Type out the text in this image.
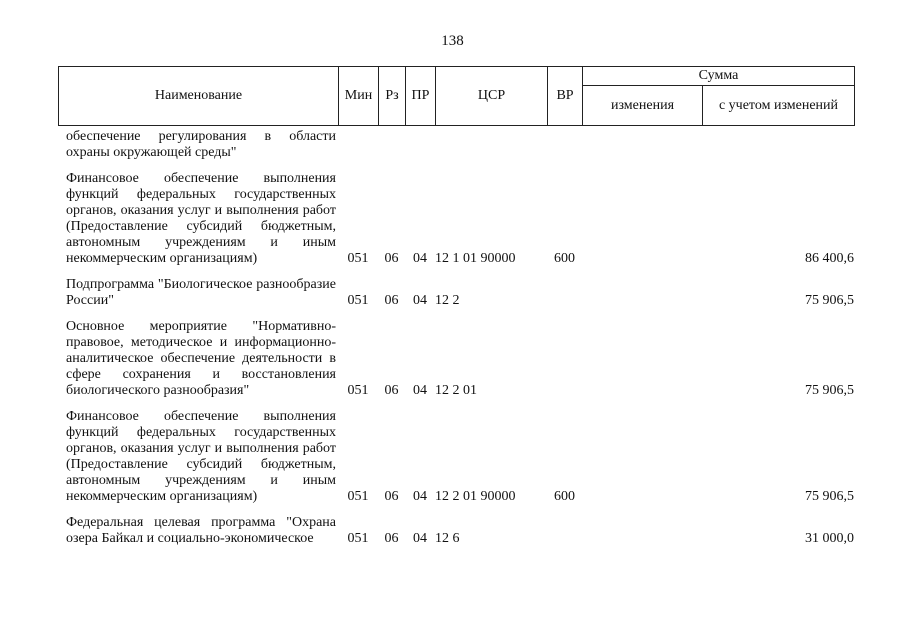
138
Наименование	Мин	Рз	ПР	ЦСР	ВР	Сумма	
						изменения	с учетом изменений
обеспечение регулирования в области охраны окружающей среды"							

Финансовое обеспечение выполнения функций федеральных государственных органов, оказания услуг и выполнения работ (Предоставление субсидий бюджетным, автономным учреждениям и иным некоммерческим организациям)	051	06	04	12 1 01 90000	600		86 400,6

Подпрограмма "Биологическое разнообразие России"	051	06	04	12 2			75 906,5

Основное мероприятие "Нормативно-правовое, методическое и информационно-аналитическое обеспечение деятельности в сфере сохранения и восстановления биологического разнообразия"	051	06	04	12 2 01			75 906,5

Финансовое обеспечение выполнения функций федеральных государственных органов, оказания услуг и выполнения работ (Предоставление субсидий бюджетным, автономным учреждениям и иным некоммерческим организациям)	051	06	04	12 2 01 90000	600		75 906,5

Федеральная целевая программа "Охрана озера Байкал и социально-экономическое	051	06	04	12 6			31 000,0
